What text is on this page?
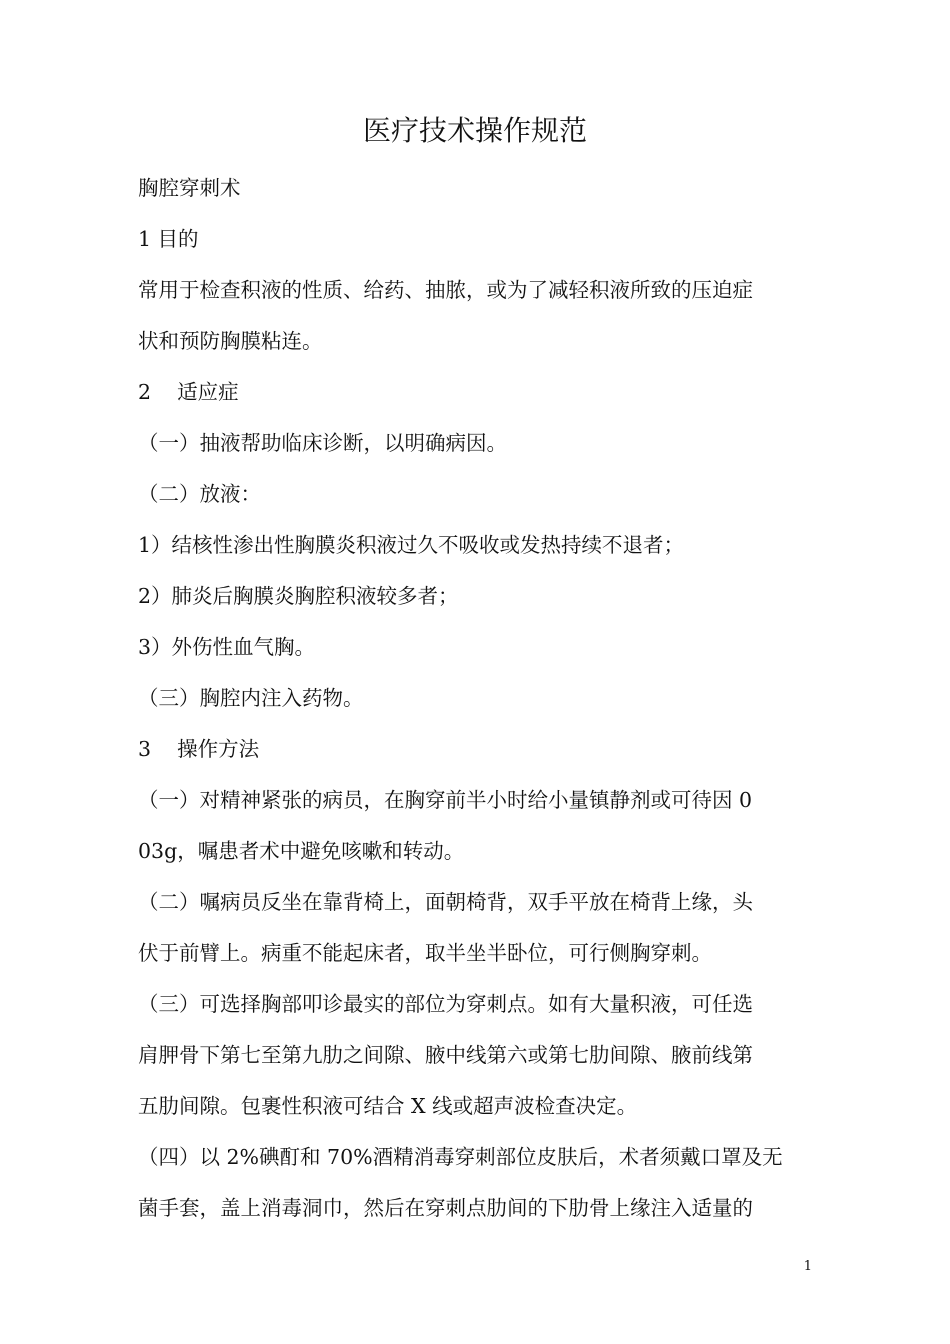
医疗技术操作规范
胸腔穿刺术
1 目的
常用于检查积液的性质、给药、抽脓，或为了减轻积液所致的压迫症
状和预防胸膜粘连。
2    适应症
（一）抽液帮助临床诊断，以明确病因。
（二）放液：
1）结核性渗出性胸膜炎积液过久不吸收或发热持续不退者；
2）肺炎后胸膜炎胸腔积液较多者；
3）外伤性血气胸。
（三）胸腔内注入药物。
3    操作方法
（一）对精神紧张的病员，在胸穿前半小时给小量镇静剂或可待因 0
03g，嘱患者术中避免咳嗽和转动。
（二）嘱病员反坐在靠背椅上，面朝椅背，双手平放在椅背上缘，头
伏于前臂上。病重不能起床者，取半坐半卧位，可行侧胸穿刺。
（三）可选择胸部叩诊最实的部位为穿刺点。如有大量积液，可任选
肩胛骨下第七至第九肋之间隙、腋中线第六或第七肋间隙、腋前线第
五肋间隙。包裹性积液可结合 X 线或超声波检查决定。
（四）以 2%碘酊和 70%酒精消毒穿刺部位皮肤后，术者须戴口罩及无
菌手套，盖上消毒洞巾，然后在穿刺点肋间的下肋骨上缘注入适量的
1
